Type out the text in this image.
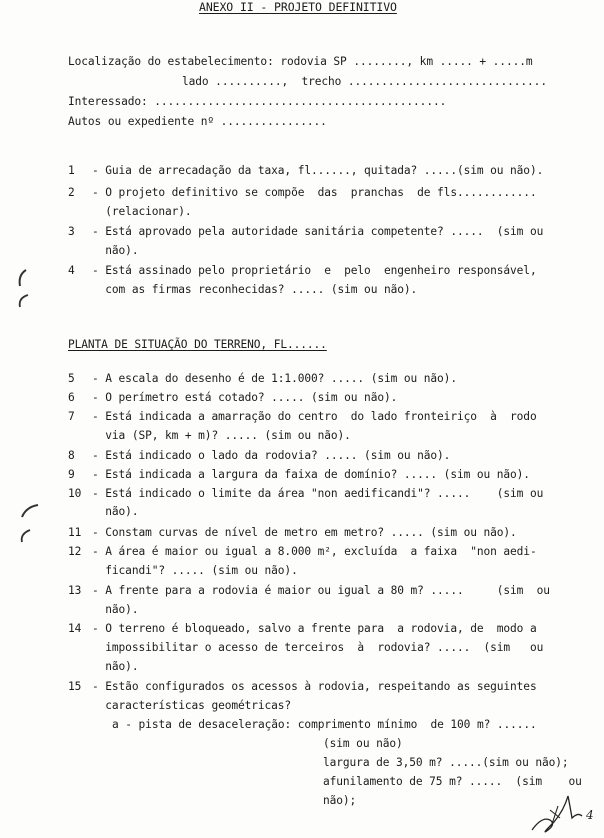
ANEXO II - PROJETO DEFINITIVO
Localização do estabelecimento: rodovia SP ........, km ..... + .....m
lado ..........,  trecho ..............................
Interessado: ............................................
Autos ou expediente nº ................
1 - Guia de arrecadação da taxa, fl......, quitada? .....(sim ou não).
2 - O projeto definitivo se compõe  das  pranchas  de fls............
(relacionar).
3 - Está aprovado pela autoridade sanitária competente? .....  (sim ou
não).
4 - Está assinado pelo proprietário  e  pelo  engenheiro responsável,
com as firmas reconhecidas? ..... (sim ou não).
PLANTA DE SITUAÇÃO DO TERRENO, FL......
5 - A escala do desenho é de 1:1.000? ..... (sim ou não).
6 - O perímetro está cotado? ..... (sim ou não).
7 - Está indicada a amarração do centro  do lado fronteiriço  à  rodo
via (SP, km + m)? ..... (sim ou não).
8 - Está indicado o lado da rodovia? ..... (sim ou não).
9 - Está indicada a largura da faixa de domínio? ..... (sim ou não).
10 - Está indicado o limite da área "non aedificandi"? .....    (sim ou
não).
11 - Constam curvas de nível de metro em metro? ..... (sim ou não).
12 - A área é maior ou igual a 8.000 m², excluída  a faixa  "non aedi-
ficandi"? ..... (sim ou não).
13 - A frente para a rodovia é maior ou igual a 80 m? .....     (sim  ou
não).
14 - O terreno é bloqueado, salvo a frente para  a rodovia, de  modo a
impossibilitar o acesso de terceiros  à  rodovia? .....  (sim   ou
não).
15 - Estão configurados os acessos à rodovia, respeitando as seguintes
características geométricas?
a - pista de desaceleração: comprimento mínimo  de 100 m? ......
(sim ou não)
largura de 3,50 m? .....(sim ou não);
afunilamento de 75 m? .....  (sim    ou
não);
4
